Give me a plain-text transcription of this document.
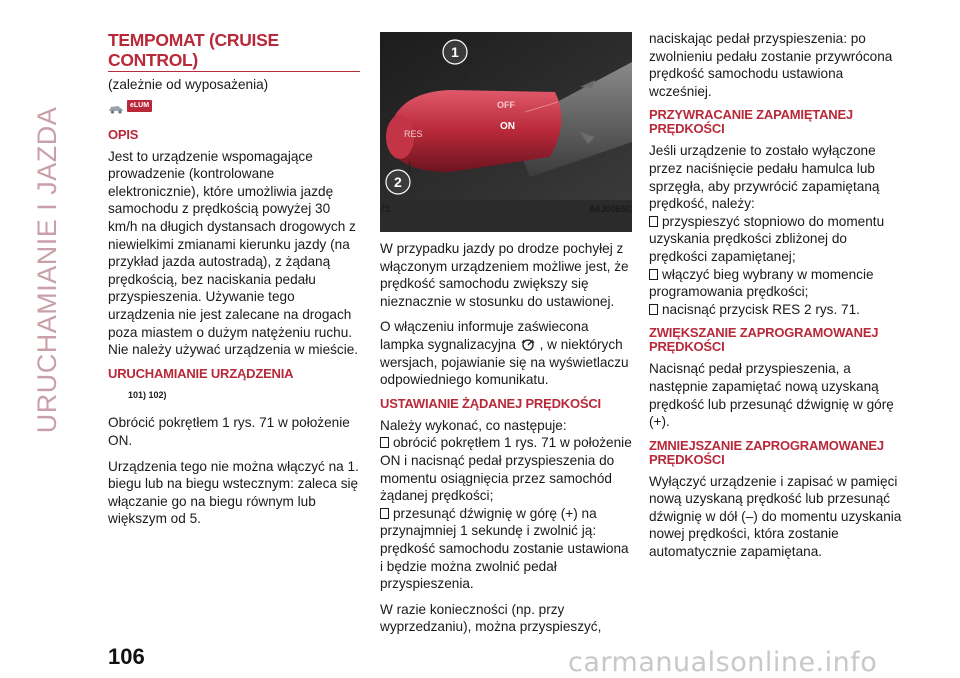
URUCHAMIANIE I JAZDA
TEMPOMAT (CRUISE CONTROL)
(zależnie od wyposażenia)
eLUM
OPIS

Jest to urządzenie wspomagające prowadzenie (kontrolowane elektronicznie), które umożliwia jazdę samochodu z prędkością powyżej 30 km/h na długich dystansach drogowych z niewielkimi zmianami kierunku jazdy (na przykład jazda autostradą), z żądaną prędkością, bez naciskania pedału przyspieszenia. Używanie tego urządzenia nie jest zalecane na drogach poza miastem o dużym natężeniu ruchu. Nie należy używać urządzenia w mieście.

URUCHAMIANIE URZĄDZENIA
101) 102)

Obrócić pokrętłem 1 rys. 71 w położenie ON.

Urządzenia tego nie można włączyć na 1. biegu lub na biegu wstecznym: zaleca się włączanie go na biegu równym lub większym od 5.

OFF
ON
RES
1
2
71	A0J0065C

W przypadku jazdy po drodze pochyłej z włączonym urządzeniem możliwe jest, że prędkość samochodu zwiększy się nieznacznie w stosunku do ustawionej.

O włączeniu informuje zaświecona lampka sygnalizacyjna , w niektórych wersjach, pojawianie się na wyświetlaczu odpowiedniego komunikatu.

USTAWIANIE ŻĄDANEJ PRĘDKOŚCI

Należy wykonać, co następuje:

obrócić pokrętłem 1 rys. 71 w położenie ON i nacisnąć pedał przyspieszenia do momentu osiągnięcia przez samochód żądanej prędkości;

przesunąć dźwignię w górę (+) na przynajmniej 1 sekundę i zwolnić ją: prędkość samochodu zostanie ustawiona i będzie można zwolnić pedał przyspieszenia.

W razie konieczności (np. przy wyprzedzaniu), można przyspieszyć,

naciskając pedał przyspieszenia: po zwolnieniu pedału zostanie przywrócona prędkość samochodu ustawiona wcześniej.

PRZYWRACANIE ZAPAMIĘTANEJ PRĘDKOŚCI

Jeśli urządzenie to zostało wyłączone przez naciśnięcie pedału hamulca lub sprzęgła, aby przywrócić zapamiętaną prędkość, należy:

przyspieszyć stopniowo do momentu uzyskania prędkości zbliżonej do prędkości zapamiętanej;

włączyć bieg wybrany w momencie programowania prędkości;

nacisnąć przycisk RES 2 rys. 71.

ZWIĘKSZANIE ZAPROGRAMOWANEJ PRĘDKOŚCI

Nacisnąć pedał przyspieszenia, a następnie zapamiętać nową uzyskaną prędkość lub przesunąć dźwignię w górę (+).

ZMNIEJSZANIE ZAPROGRAMOWANEJ PRĘDKOŚCI

Wyłączyć urządzenie i zapisać w pamięci nową uzyskaną prędkość lub przesunąć dźwignię w dół (–) do momentu uzyskania nowej prędkości, która zostanie automatycznie zapamiętana.

106	carmanualsonline.info
